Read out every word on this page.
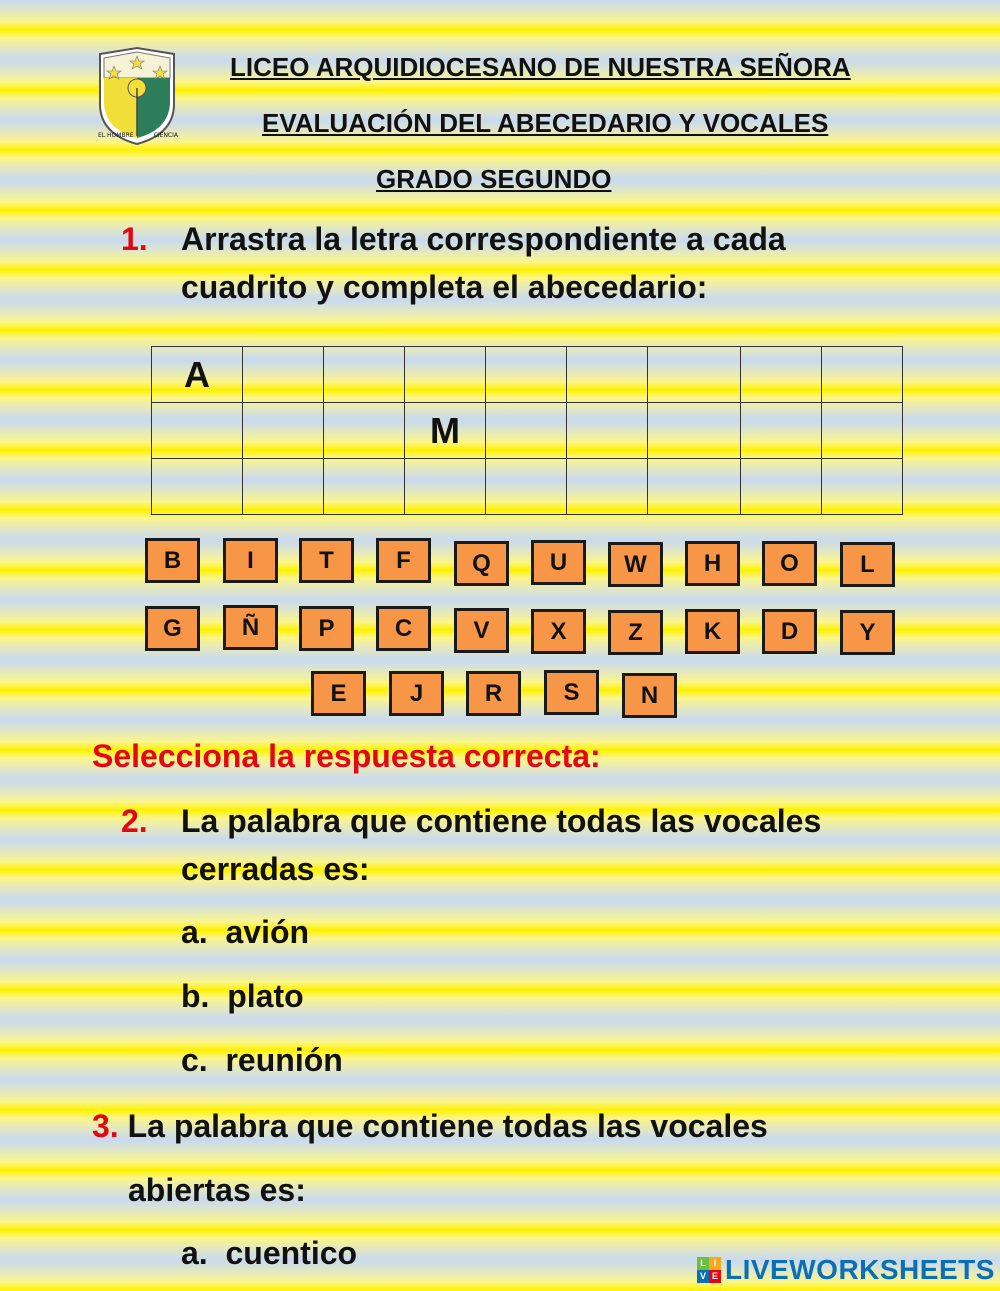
EL HOMBRE	CIENCIA
LICEO ARQUIDIOCESANO DE NUESTRA SEÑORA
EVALUACIÓN DEL ABECEDARIO Y VOCALES
GRADO SEGUNDO
1. Arrastra la letra correspondiente a cada cuadrito y completa el abecedario:
A								
			M					

B	I	T	F	Q	U	W	H	O	L
G	Ñ	P	C	V	X	Z	K	D	Y
E	J	R	S	N
Selecciona la respuesta correcta:
2. La palabra que contiene todas las vocales cerradas es:
a. avión
b. plato
c. reunión
3. La palabra que contiene todas las vocales
abiertas es:
a. cuentico	L I
V E LIVEWORKSHEETS
